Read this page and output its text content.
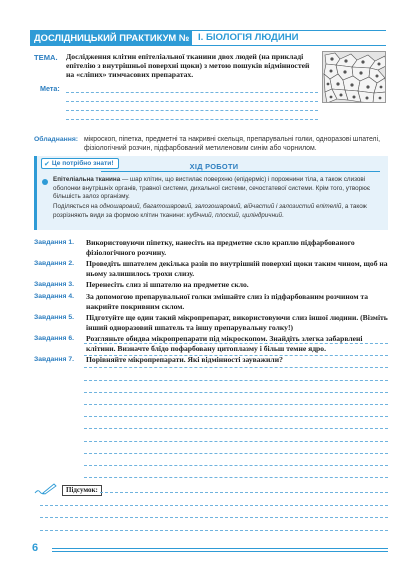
ДОСЛІДНИЦЬКИЙ ПРАКТИКУМ № 1 І. БІОЛОГІЯ ЛЮДИНИ
ТЕМА. Дослідження клітин епітеліальної тканини двох людей (на прикладі епітелію з внутрішньої поверхні щоки) з метою пошуків відмінностей на «сліпих» тимчасових препаратах.
Мета:
Обладнання: мікроскоп, піпетка, предметні та накривні скельця, препарувальні голки, одноразові шпателі, фізіологічний розчин, підфарбований метиленовим синім або чорнилом.
✔ Це потрібно знати!	ХІД РОБОТИ
Епітеліальна тканина — шар клітин, що вистилає поверхню (епідерміс) і порожнини тіла, а також слизові оболонки внутрішніх органів, травної системи, дихальної системи, сечостатевої системи. Крім того, утворює більшість залоз організму.
Поділяється на одношаровий, багатошаровий, залозошаровий, війчастий і залозистий епітелій, а також розрізняють види за формою клітин тканини: кубічний, плоский, циліндричний.
Завдання 1.	Використовуючи піпетку, нанесіть на предметне скло краплю підфарбованого фізіологічного розчину.
Завдання 2.	Проведіть шпателем декілька разів по внутрішній поверхні щоки таким чином, щоб на ньому залишилось трохи слизу.
Завдання 3.	Перенесіть слиз зі шпателю на предметне скло.
Завдання 4.	За допомогою препарувальної голки змішайте слиз із підфарбованим розчином та накрийте покривним склом.
Завдання 5.	Підготуйте ще один такий мікропрепарат, використовуючи слиз іншої людини. (Візміть інший одноразовий шпатель та іншу препарувальну голку!)
Завдання 6.	Розгляньте обидва мікропрепарати під мікроскопом. Знайдіть злегка забарвлені клітини. Визначте блідо пофарбовану цитоплазму і більш темне ядро.
Завдання 7.	Порівняйте мікропрепарати. Які відмінності зауважили?
Підсумок:
6
